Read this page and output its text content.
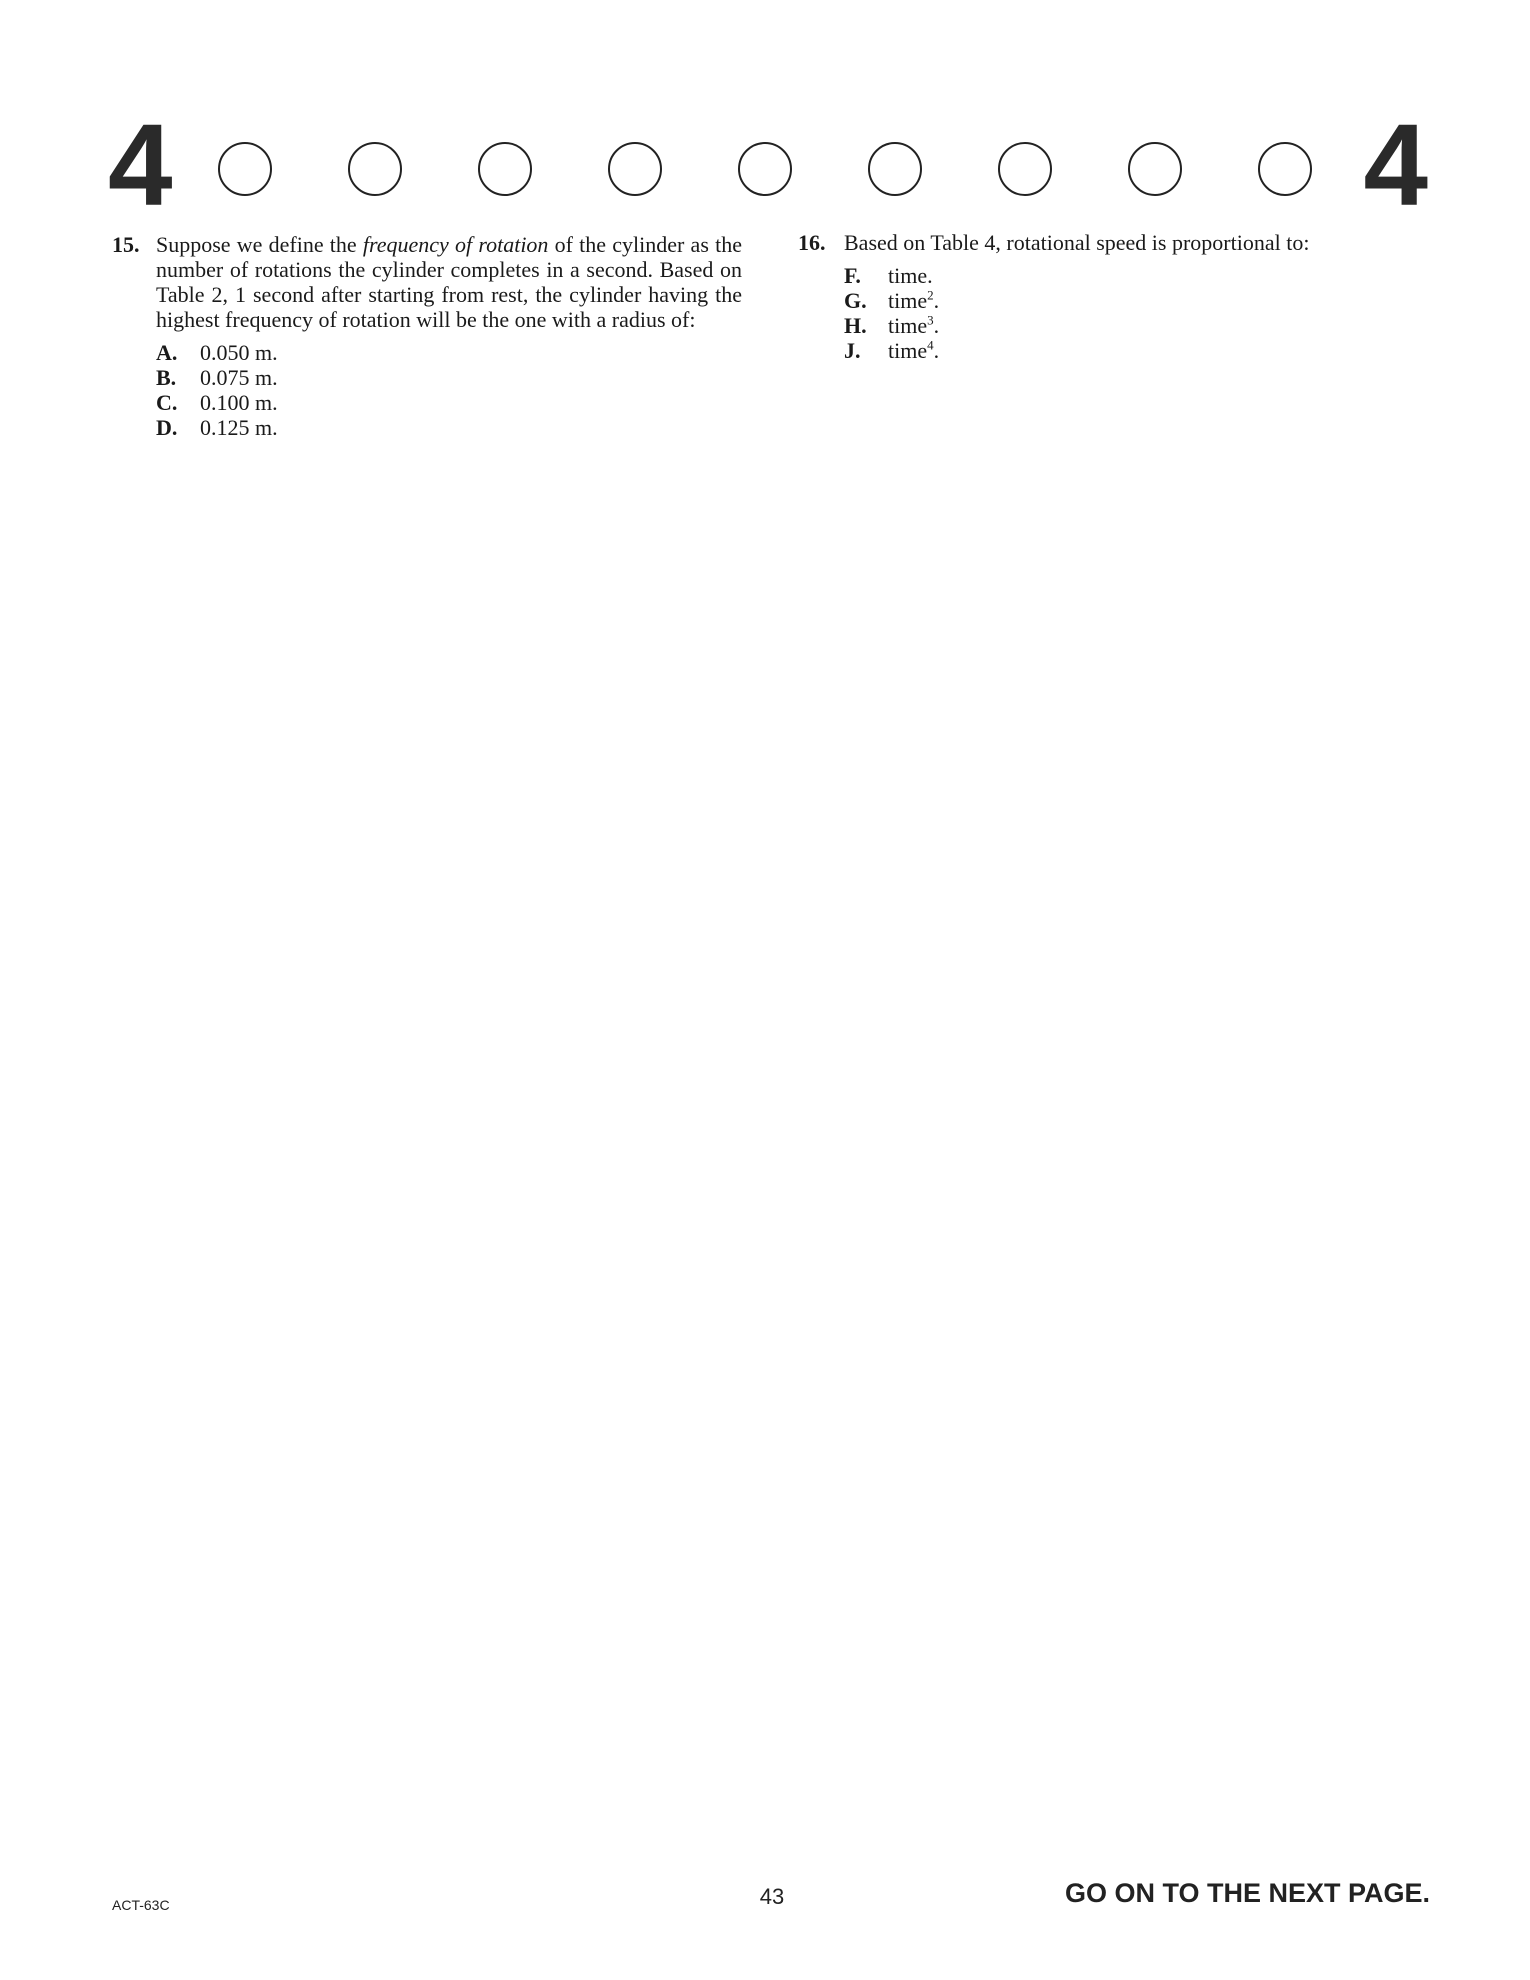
4	4
15. Suppose we define the frequency of rotation of the cylinder as the number of rotations the cylinder completes in a second. Based on Table 2, 1 second after starting from rest, the cylinder having the highest frequency of rotation will be the one with a radius of:
A.	0.050 m.
B.	0.075 m.
C.	0.100 m.
D.	0.125 m.
16. Based on Table 4, rotational speed is proportional to:
F.	time.
G. time$^2$.
H. time$^3$.
J.	time$^4$.
ACT-63C	43	GO ON TO THE NEXT PAGE.
